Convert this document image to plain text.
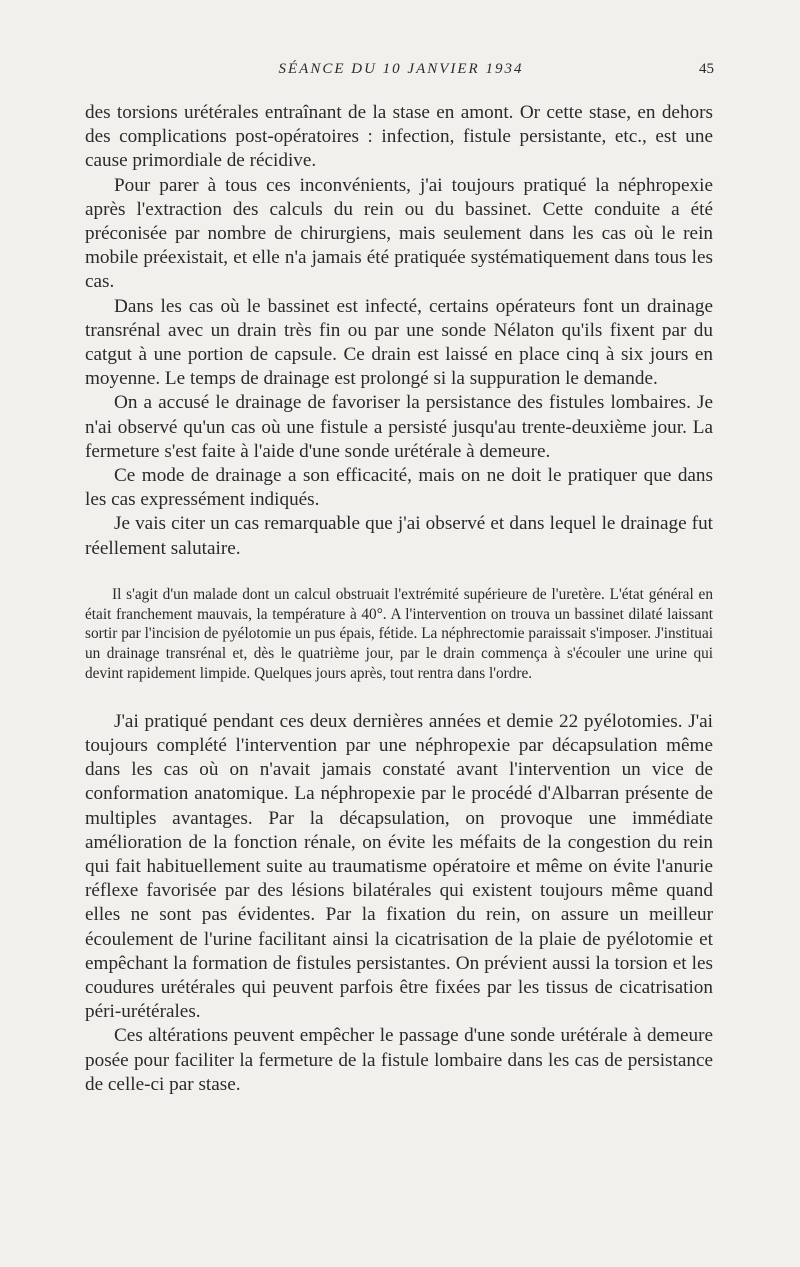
SÉANCE DU 10 JANVIER 1934	45

des torsions urétérales entraînant de la stase en amont. Or cette stase, en dehors des complications post-opératoires : infection, fistule persistante, etc., est une cause primordiale de récidive.

Pour parer à tous ces inconvénients, j'ai toujours pratiqué la néphropexie après l'extraction des calculs du rein ou du bassinet. Cette conduite a été préconisée par nombre de chirurgiens, mais seulement dans les cas où le rein mobile préexistait, et elle n'a jamais été pratiquée systématiquement dans tous les cas.

Dans les cas où le bassinet est infecté, certains opérateurs font un drainage transrénal avec un drain très fin ou par une sonde Nélaton qu'ils fixent par du catgut à une portion de capsule. Ce drain est laissé en place cinq à six jours en moyenne. Le temps de drainage est prolongé si la suppuration le demande.

On a accusé le drainage de favoriser la persistance des fistules lombaires. Je n'ai observé qu'un cas où une fistule a persisté jusqu'au trente-deuxième jour. La fermeture s'est faite à l'aide d'une sonde urétérale à demeure.

Ce mode de drainage a son efficacité, mais on ne doit le pratiquer que dans les cas expressément indiqués.

Je vais citer un cas remarquable que j'ai observé et dans lequel le drainage fut réellement salutaire.

Il s'agit d'un malade dont un calcul obstruait l'extrémité supérieure de l'uretère. L'état général en était franchement mauvais, la température à 40°. A l'intervention on trouva un bassinet dilaté laissant sortir par l'incision de pyélotomie un pus épais, fétide. La néphrectomie paraissait s'imposer. J'instituai un drainage transrénal et, dès le quatrième jour, par le drain commença à s'écouler une urine qui devint rapidement limpide. Quelques jours après, tout rentra dans l'ordre.

J'ai pratiqué pendant ces deux dernières années et demie 22 pyélotomies. J'ai toujours complété l'intervention par une néphropexie par décapsulation même dans les cas où on n'avait jamais constaté avant l'intervention un vice de conformation anatomique. La néphropexie par le procédé d'Albarran présente de multiples avantages. Par la décapsulation, on provoque une immédiate amélioration de la fonction rénale, on évite les méfaits de la congestion du rein qui fait habituellement suite au traumatisme opératoire et même on évite l'anurie réflexe favorisée par des lésions bilatérales qui existent toujours même quand elles ne sont pas évidentes. Par la fixation du rein, on assure un meilleur écoulement de l'urine facilitant ainsi la cicatrisation de la plaie de pyélotomie et empêchant la formation de fistules persistantes. On prévient aussi la torsion et les coudures urétérales qui peuvent parfois être fixées par les tissus de cicatrisation péri-urétérales.

Ces altérations peuvent empêcher le passage d'une sonde urétérale à demeure posée pour faciliter la fermeture de la fistule lombaire dans les cas de persistance de celle-ci par stase.
